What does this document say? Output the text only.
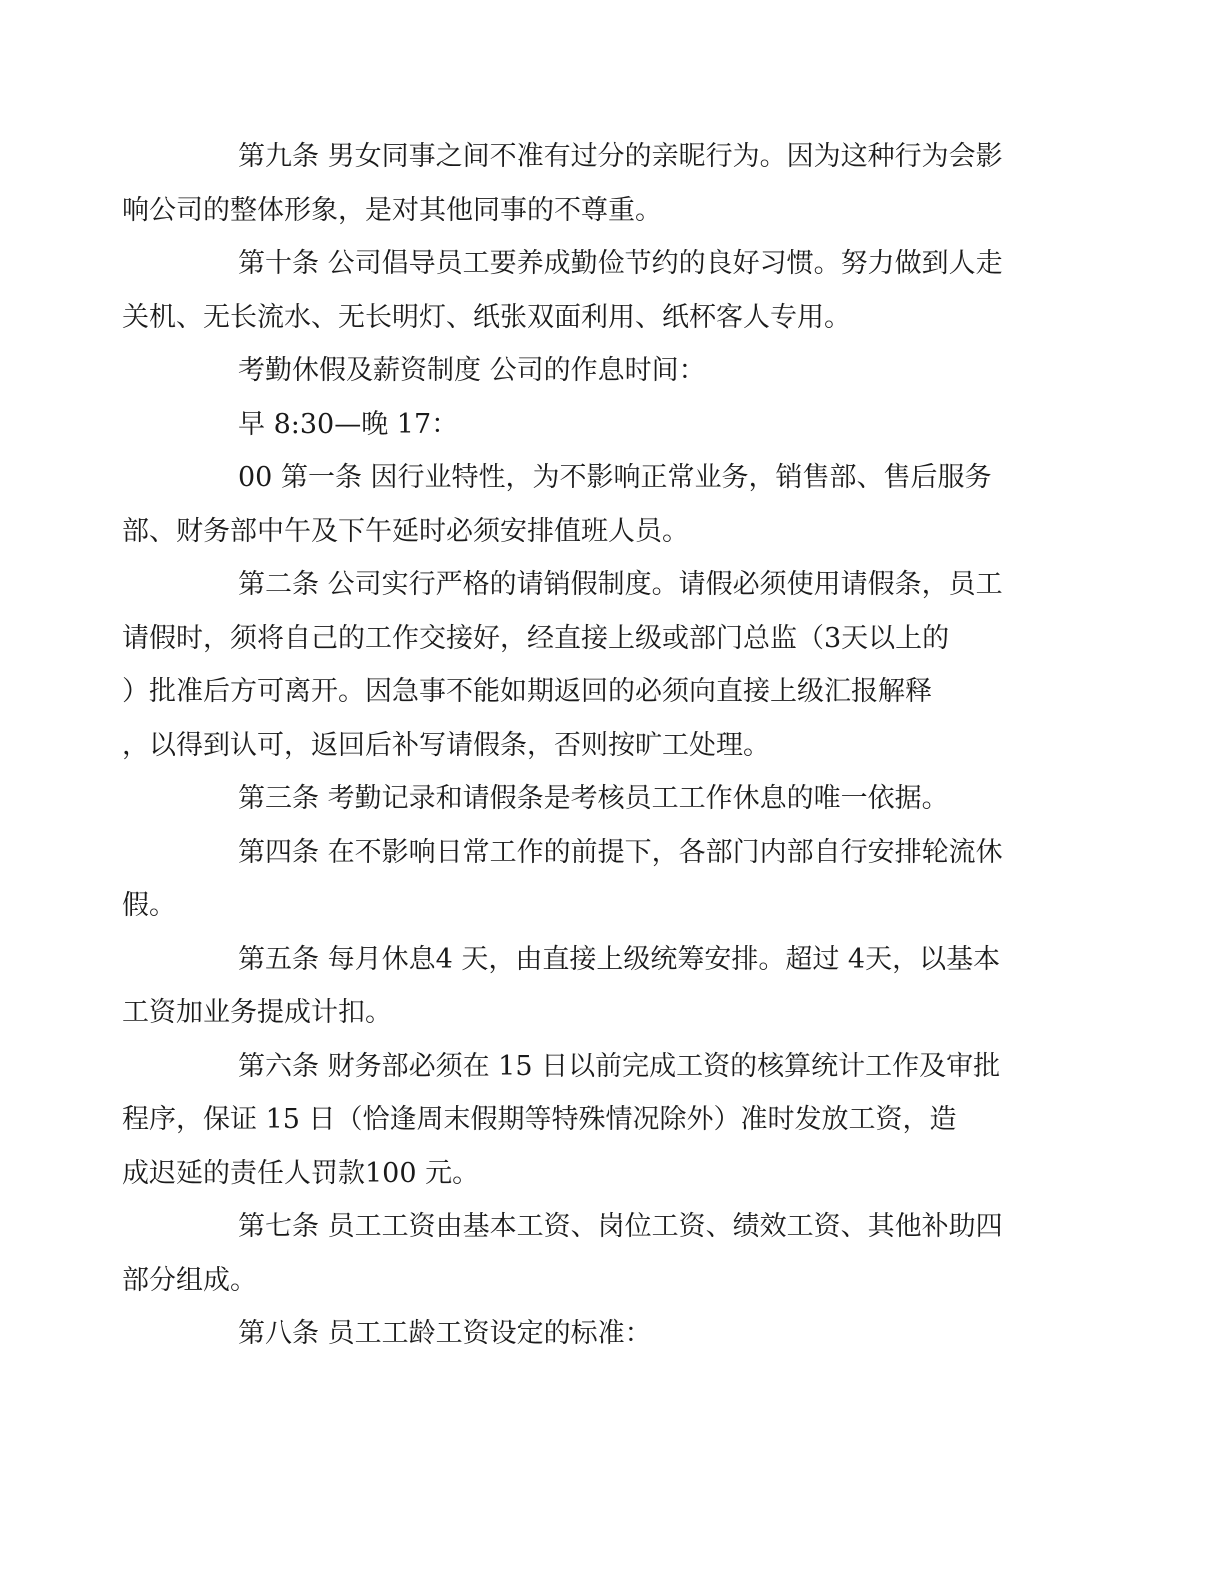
第九条 男女同事之间不准有过分的亲昵行为。因为这种行为会影
响公司的整体形象，是对其他同事的不尊重。

第十条 公司倡导员工要养成勤俭节约的良好习惯。努力做到人走
关机、无长流水、无长明灯、纸张双面利用、纸杯客人专用。

考勤休假及薪资制度 公司的作息时间：

早 8:30—晚 17：

00 第一条 因行业特性，为不影响正常业务，销售部、售后服务
部、财务部中午及下午延时必须安排值班人员。

第二条 公司实行严格的请销假制度。请假必须使用请假条，员工
请假时，须将自己的工作交接好，经直接上级或部门总监（3天以上的
）批准后方可离开。因急事不能如期返回的必须向直接上级汇报解释
，以得到认可，返回后补写请假条，否则按旷工处理。

第三条 考勤记录和请假条是考核员工工作休息的唯一依据。

第四条 在不影响日常工作的前提下，各部门内部自行安排轮流休
假。

第五条 每月休息4 天，由直接上级统筹安排。超过 4天，以基本
工资加业务提成计扣。

第六条 财务部必须在 15 日以前完成工资的核算统计工作及审批
程序，保证 15 日（恰逢周末假期等特殊情况除外）准时发放工资，造
成迟延的责任人罚款100 元。

第七条 员工工资由基本工资、岗位工资、绩效工资、其他补助四
部分组成。

第八条 员工工龄工资设定的标准：
